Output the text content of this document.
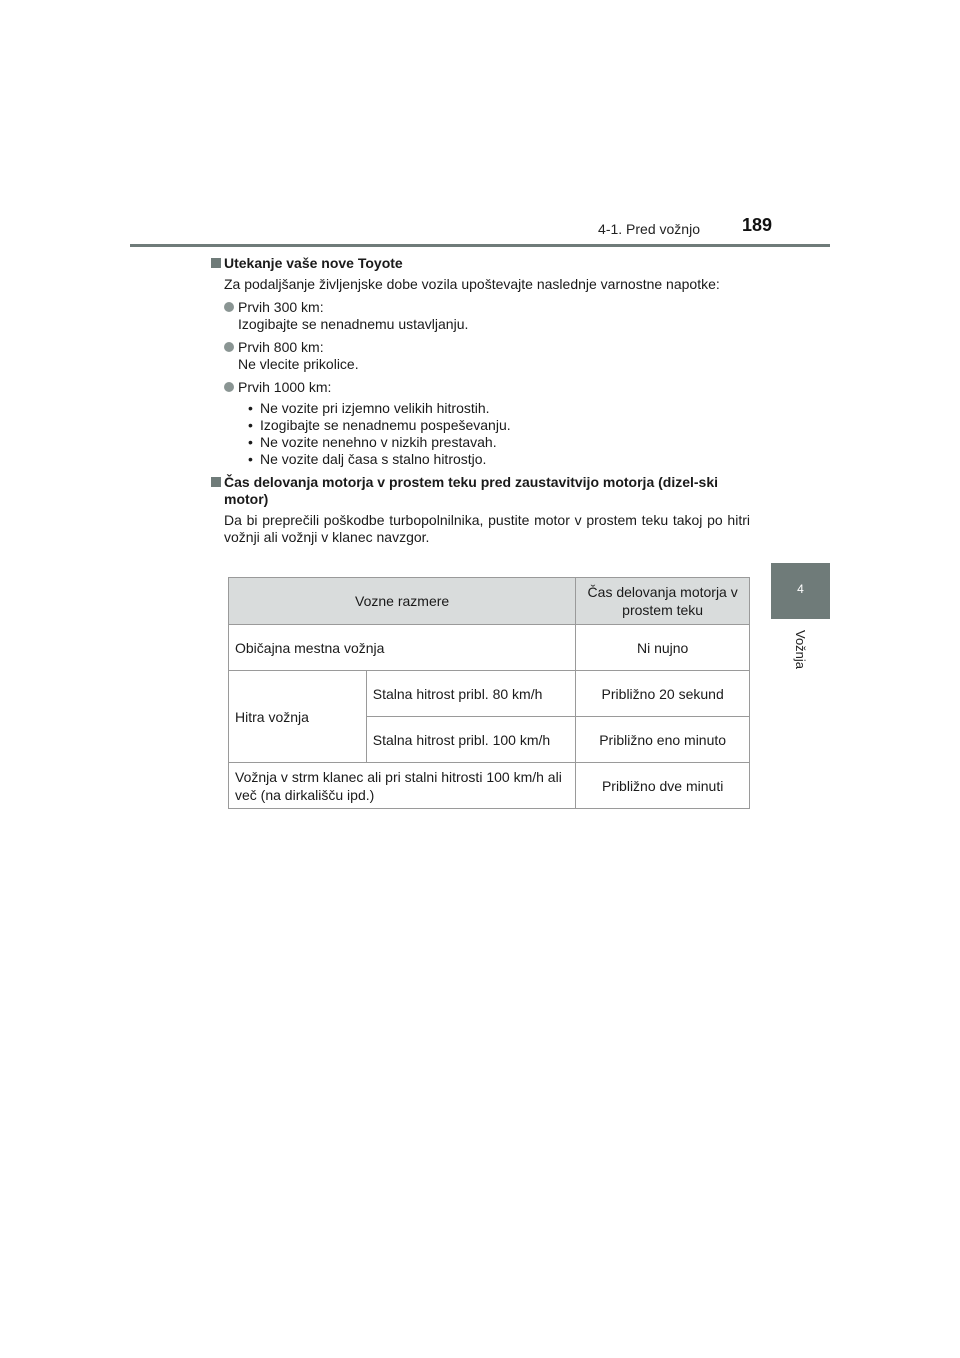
4-1. Pred vožnjo 189
4
Vožnja
Utekanje vaše nove Toyote
Za podaljšanje življenjske dobe vozila upoštevajte naslednje varnostne napotke:
Prvih 300 km:
Izogibajte se nenadnemu ustavljanju.
Prvih 800 km:
Ne vlecite prikolice.
Prvih 1000 km:
• Ne vozite pri izjemno velikih hitrostih.
• Izogibajte se nenadnemu pospeševanju.
• Ne vozite nenehno v nizkih prestavah.
• Ne vozite dalj časa s stalno hitrostjo.
Čas delovanja motorja v prostem teku pred zaustavitvijo motorja (dizel-ski motor)
Da bi preprečili poškodbe turbopolnilnika, pustite motor v prostem teku takoj po hitri vožnji ali vožnji v klanec navzgor.
Vozne razmere		Čas delovanja motorja v prostem teku
Običajna mestna vožnja		Ni nujno
Hitra vožnja	Stalna hitrost pribl. 80 km/h	Približno 20 sekund
	Stalna hitrost pribl. 100 km/h	Približno eno minuto
Vožnja v strm klanec ali pri stalni hitrosti 100 km/h ali več (na dirkališču ipd.)		Približno dve minuti
